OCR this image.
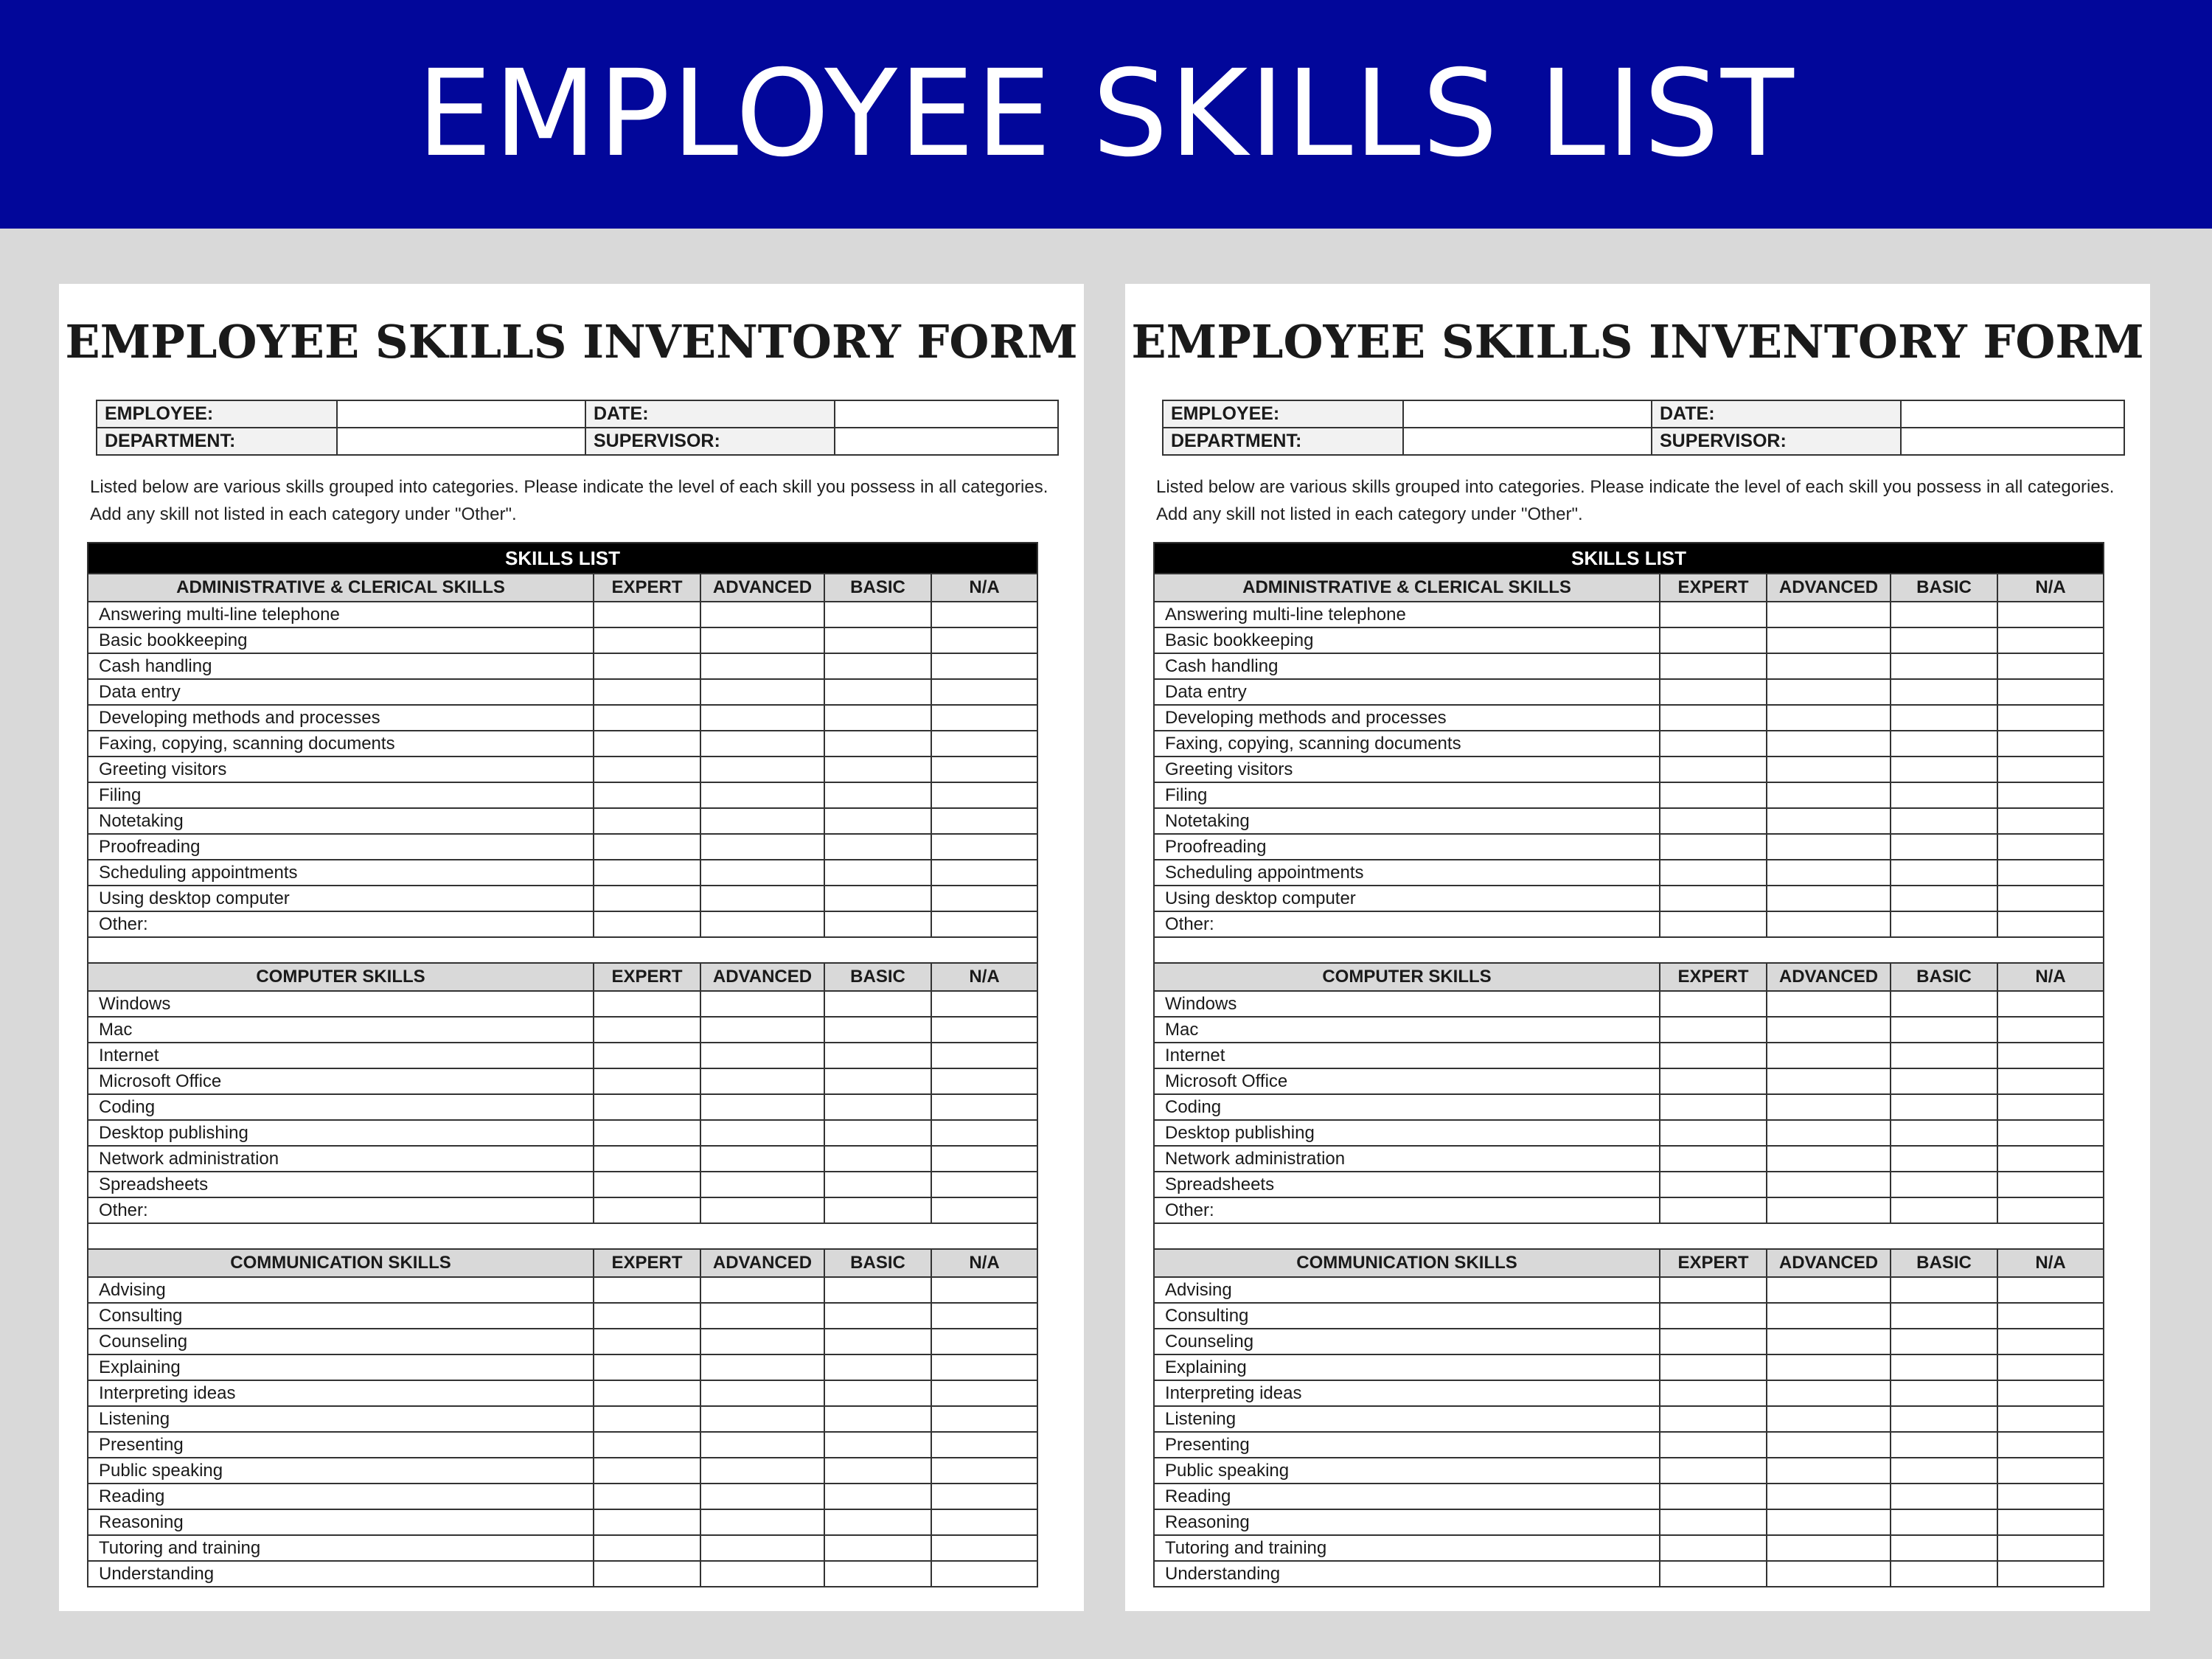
EMPLOYEE SKILLS LIST
EMPLOYEE SKILLS INVENTORY FORM
EMPLOYEE:		DATE:	
DEPARTMENT:		SUPERVISOR:	
Listed below are various skills grouped into categories. Please indicate the level of each skill you possess in all categories. Add any skill not listed in each category under "Other".
SKILLS LIST				
ADMINISTRATIVE & CLERICAL SKILLS	EXPERT	ADVANCED	BASIC	N/A
Answering multi-line telephone				
Basic bookkeeping				
Cash handling				
Data entry				
Developing methods and processes				
Faxing, copying, scanning documents				
Greeting visitors				
Filing				
Notetaking				
Proofreading				
Scheduling appointments				
Using desktop computer				
Other:				

COMPUTER SKILLS	EXPERT	ADVANCED	BASIC	N/A
Windows				
Mac				
Internet				
Microsoft Office				
Coding				
Desktop publishing				
Network administration				
Spreadsheets				
Other:				

COMMUNICATION SKILLS	EXPERT	ADVANCED	BASIC	N/A
Advising				
Consulting				
Counseling				
Explaining				
Interpreting ideas				
Listening				
Presenting				
Public speaking				
Reading				
Reasoning				
Tutoring and training				
Understanding				
EMPLOYEE SKILLS INVENTORY FORM
EMPLOYEE:		DATE:	
DEPARTMENT:		SUPERVISOR:	
Listed below are various skills grouped into categories. Please indicate the level of each skill you possess in all categories. Add any skill not listed in each category under "Other".
SKILLS LIST				
ADMINISTRATIVE & CLERICAL SKILLS	EXPERT	ADVANCED	BASIC	N/A
Answering multi-line telephone				
Basic bookkeeping				
Cash handling				
Data entry				
Developing methods and processes				
Faxing, copying, scanning documents				
Greeting visitors				
Filing				
Notetaking				
Proofreading				
Scheduling appointments				
Using desktop computer				
Other:				

COMPUTER SKILLS	EXPERT	ADVANCED	BASIC	N/A
Windows				
Mac				
Internet				
Microsoft Office				
Coding				
Desktop publishing				
Network administration				
Spreadsheets				
Other:				

COMMUNICATION SKILLS	EXPERT	ADVANCED	BASIC	N/A
Advising				
Consulting				
Counseling				
Explaining				
Interpreting ideas				
Listening				
Presenting				
Public speaking				
Reading				
Reasoning				
Tutoring and training				
Understanding				
